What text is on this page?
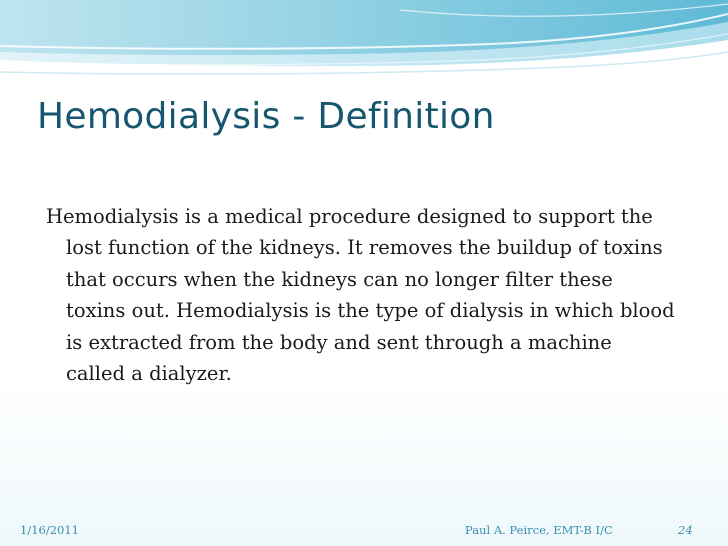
Hemodialysis - Definition

Hemodialysis is a medical procedure designed to support the lost function of the kidneys. It removes the buildup of toxins that occurs when the kidneys can no longer filter these toxins out. Hemodialysis is the type of dialysis in which blood is extracted from the body and sent through a machine called a dialyzer.

1/16/2011	Paul A. Peirce, EMT-B I/C	24
